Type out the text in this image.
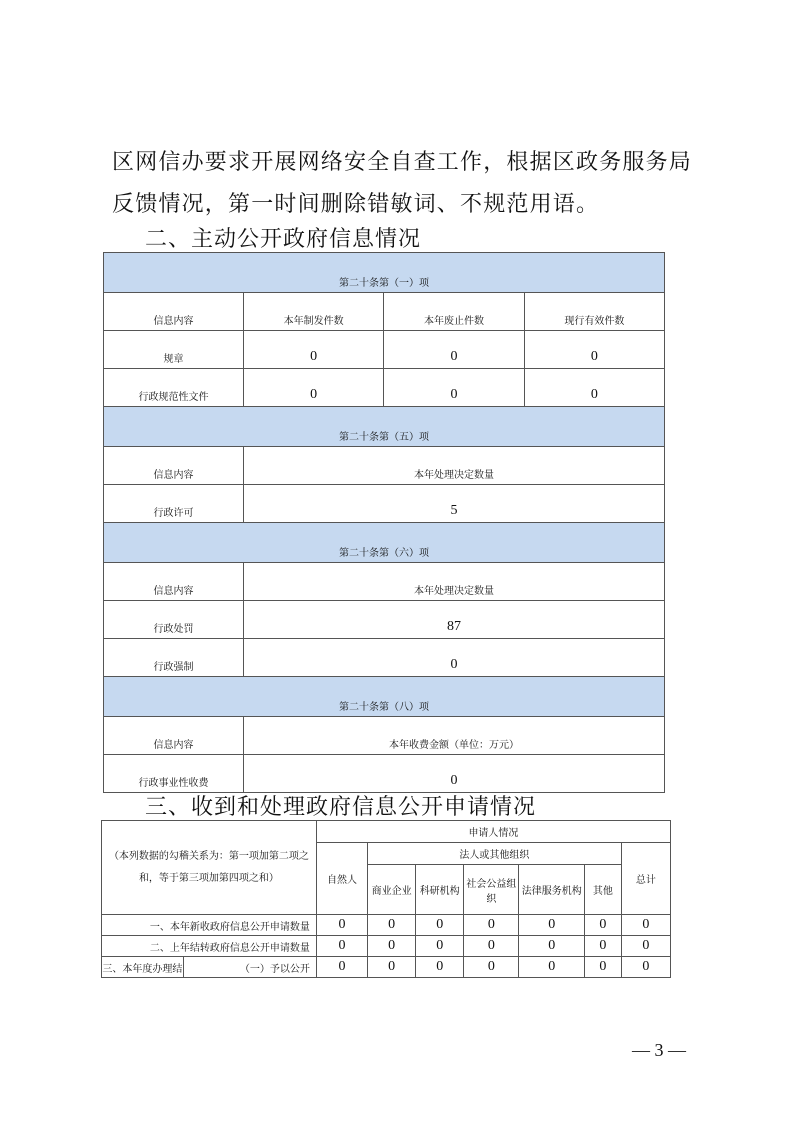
区网信办要求开展网络安全自查工作，根据区政务服务局反馈情况，第一时间删除错敏词、不规范用语。
二、主动公开政府信息情况
第二十条第（一）项			
信息内容	本年制发件数	本年废止件数	现行有效件数
规章	0	0	0
行政规范性文件	0	0	0
第二十条第（五）项			
信息内容	本年处理决定数量		
行政许可	5		
第二十条第（六）项			
信息内容	本年处理决定数量		
行政处罚	87		
行政强制	0		
第二十条第（八）项			
信息内容	本年收费金额（单位：万元）		
行政事业性收费	0		
三、收到和处理政府信息公开申请情况
（本列数据的勾稽关系为：第一项加第二项之和，等于第三项加第四项之和）		申请人情况						
		自然人	法人或其他组织					总计
			商业企业	科研机构	社会公益组织	法律服务机构	其他	
一、本年新收政府信息公开申请数量		0	0	0	0	0	0	0
二、上年结转政府信息公开申请数量		0	0	0	0	0	0	0
三、本年度办理结	（一）予以公开	0	0	0	0	0	0	0
— 3 —
